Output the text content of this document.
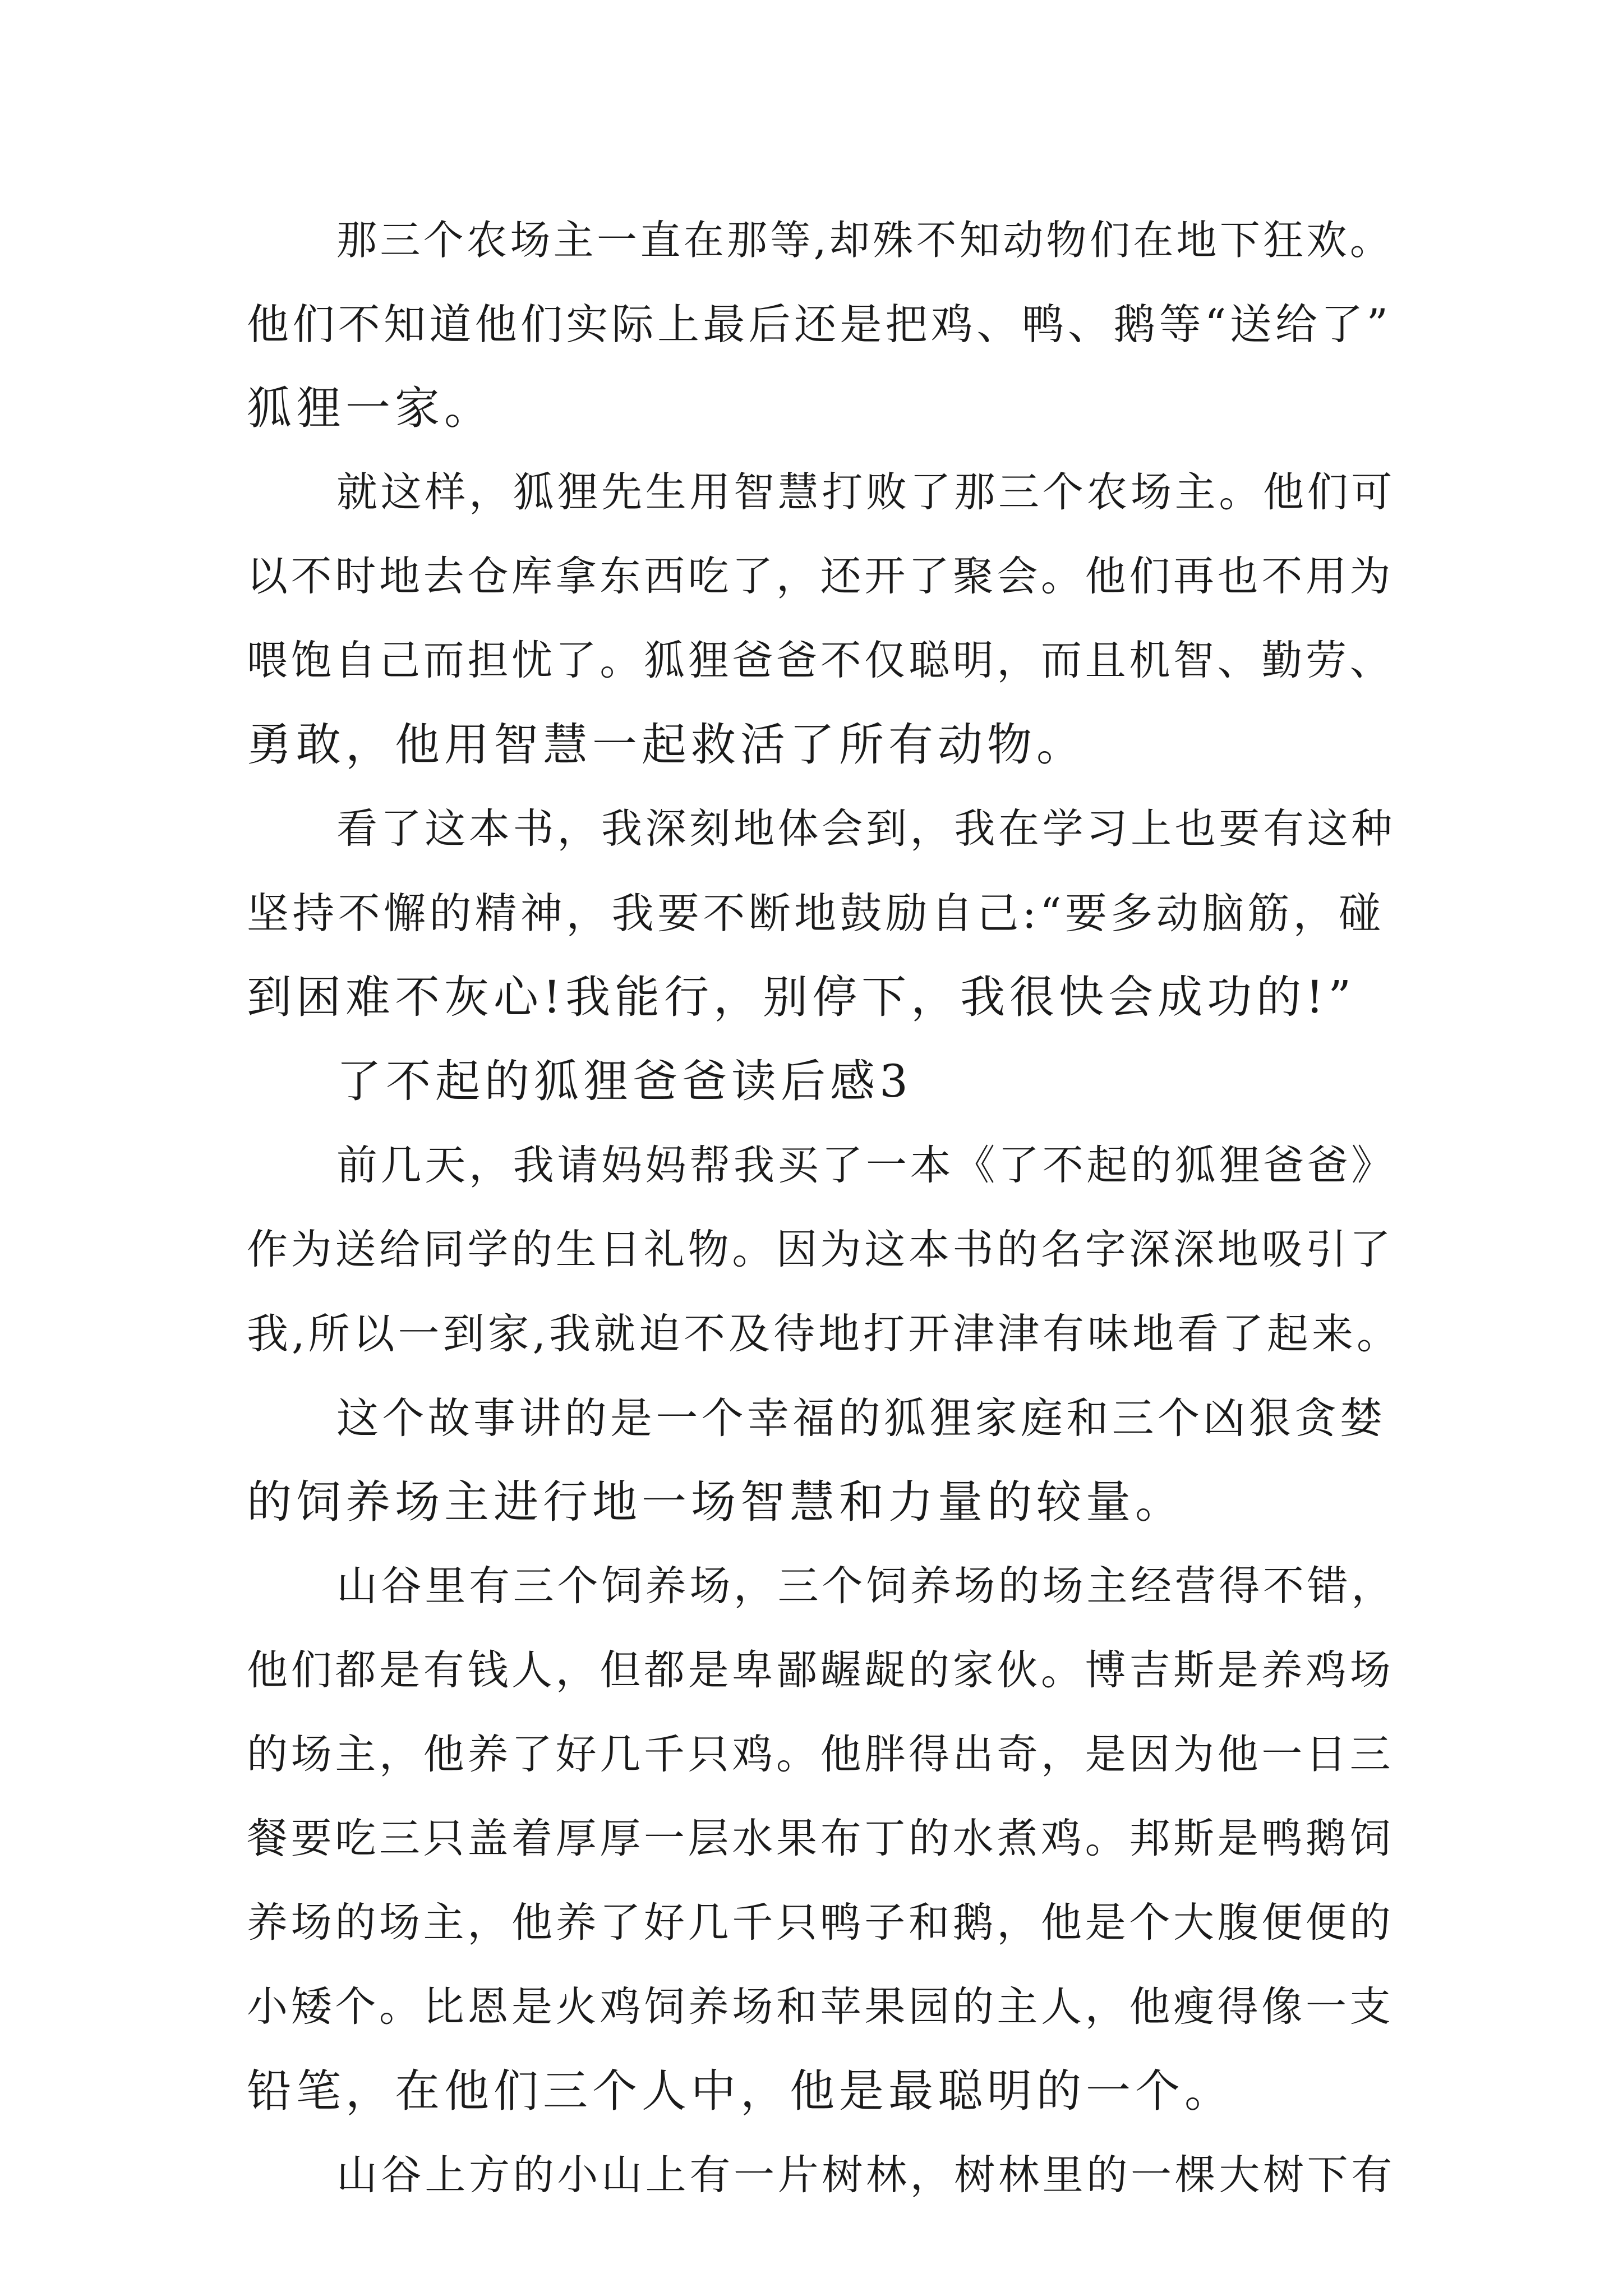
那三个农场主一直在那等,却殊不知动物们在地下狂欢。
他们不知道他们实际上最后还是把鸡、鸭、鹅等“送给了”
狐狸一家。
就这样，狐狸先生用智慧打败了那三个农场主。他们可
以不时地去仓库拿东西吃了，还开了聚会。他们再也不用为
喂饱自己而担忧了。狐狸爸爸不仅聪明，而且机智、勤劳、
勇敢，他用智慧一起救活了所有动物。
看了这本书，我深刻地体会到，我在学习上也要有这种
坚持不懈的精神，我要不断地鼓励自己:“要多动脑筋，碰
到困难不灰心!我能行，别停下，我很快会成功的!”
了不起的狐狸爸爸读后感3
前几天，我请妈妈帮我买了一本《了不起的狐狸爸爸》
作为送给同学的生日礼物。因为这本书的名字深深地吸引了
我,所以一到家,我就迫不及待地打开津津有味地看了起来。
这个故事讲的是一个幸福的狐狸家庭和三个凶狠贪婪
的饲养场主进行地一场智慧和力量的较量。
山谷里有三个饲养场，三个饲养场的场主经营得不错，
他们都是有钱人，但都是卑鄙龌龊的家伙。博吉斯是养鸡场
的场主，他养了好几千只鸡。他胖得出奇，是因为他一日三
餐要吃三只盖着厚厚一层水果布丁的水煮鸡。邦斯是鸭鹅饲
养场的场主，他养了好几千只鸭子和鹅，他是个大腹便便的
小矮个。比恩是火鸡饲养场和苹果园的主人，他瘦得像一支
铅笔，在他们三个人中，他是最聪明的一个。
山谷上方的小山上有一片树林，树林里的一棵大树下有
